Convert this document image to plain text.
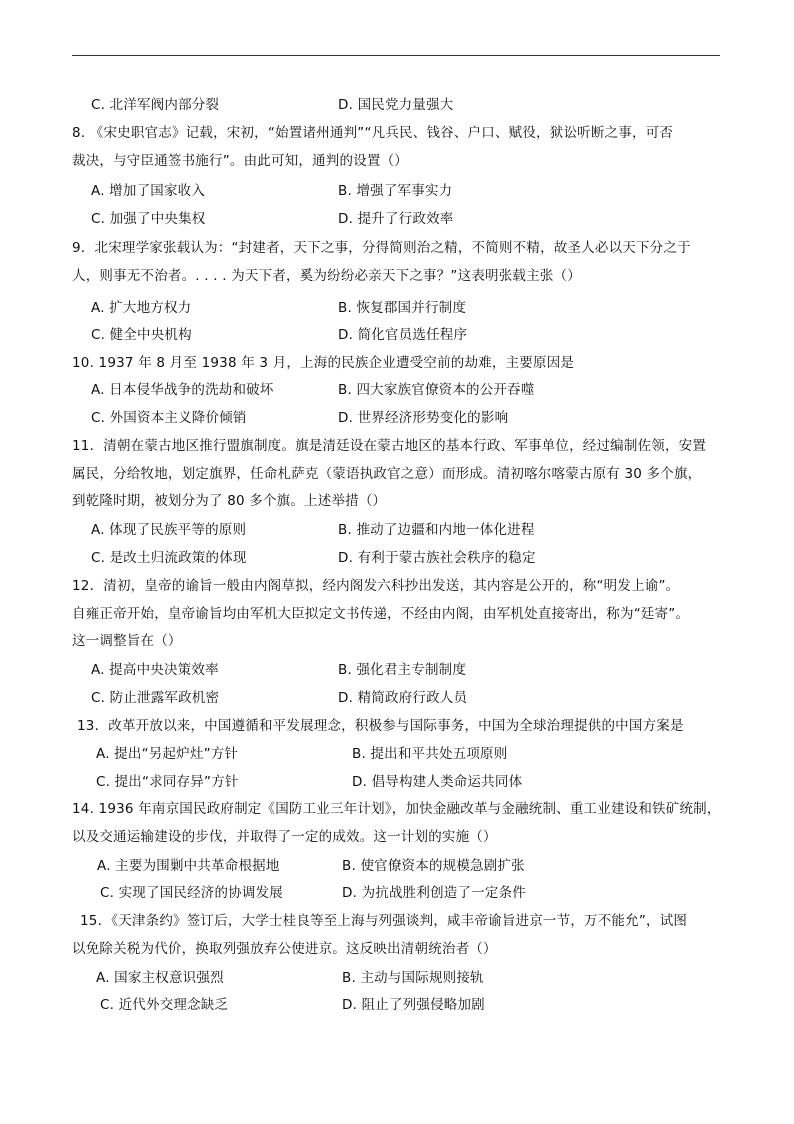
C. 北洋军阀内部分裂	D. 国民党力量强大
8. 《宋史职官志》记载，宋初，“始置诸州通判”“凡兵民、钱谷、户口、赋役，狱讼听断之事，可否
裁决，与守臣通签书施行”。由此可知，通判的设置（）
A. 增加了国家收入	B. 增强了军事实力
C. 加强了中央集权	D. 提升了行政效率
9．北宋理学家张载认为：“封建者，天下之事，分得简则治之精，不简则不精，故圣人必以天下分之于
人，则事无不治者。. . . . 为天下者，奚为纷纷必亲天下之事？”这表明张载主张（）
A. 扩大地方权力	B. 恢复郡国并行制度
C. 健全中央机构	D. 简化官员选任程序
10. 1937 年 8 月至 1938 年 3 月，上海的民族企业遭受空前的劫难，主要原因是
A. 日本侵华战争的洗劫和破坏	B. 四大家族官僚资本的公开吞噬
C. 外国资本主义降价倾销	D. 世界经济形势变化的影响
11．清朝在蒙古地区推行盟旗制度。旗是清廷设在蒙古地区的基本行政、军事单位，经过编制佐领，安置
属民，分给牧地，划定旗界，任命札萨克（蒙语执政官之意）而形成。清初喀尔喀蒙古原有 30 多个旗，
到乾隆时期，被划分为了 80 多个旗。上述举措（）
A. 体现了民族平等的原则	B. 推动了边疆和内地一体化进程
C. 是改土归流政策的体现	D. 有利于蒙古族社会秩序的稳定
12．清初，皇帝的谕旨一般由内阁草拟，经内阁发六科抄出发送，其内容是公开的，称“明发上谕”。
自雍正帝开始，皇帝谕旨均由军机大臣拟定文书传递，不经由内阁，由军机处直接寄出，称为“廷寄”。
这一调整旨在（）
A. 提高中央决策效率	B. 强化君主专制制度
C. 防止泄露军政机密	D. 精简政府行政人员
13．改革开放以来，中国遵循和平发展理念，积极参与国际事务，中国为全球治理提供的中国方案是
A. 提出“另起炉灶”方针	B. 提出和平共处五项原则
C. 提出“求同存异”方针	D. 倡导构建人类命运共同体
14. 1936 年南京国民政府制定《国防工业三年计划》，加快金融改革与金融统制、重工业建设和铁矿统制，
以及交通运输建设的步伐，并取得了一定的成效。这一计划的实施（）
A. 主要为围剿中共革命根据地	B. 使官僚资本的规模急剧扩张
C. 实现了国民经济的协调发展	D. 为抗战胜利创造了一定条件
15．《天津条约》签订后，大学士桂良等至上海与列强谈判，咸丰帝谕旨进京一节，万不能允”，试图
以免除关税为代价，换取列强放弃公使进京。这反映出清朝统治者（）
A. 国家主权意识强烈	B. 主动与国际规则接轨
C. 近代外交理念缺乏	D. 阻止了列强侵略加剧
